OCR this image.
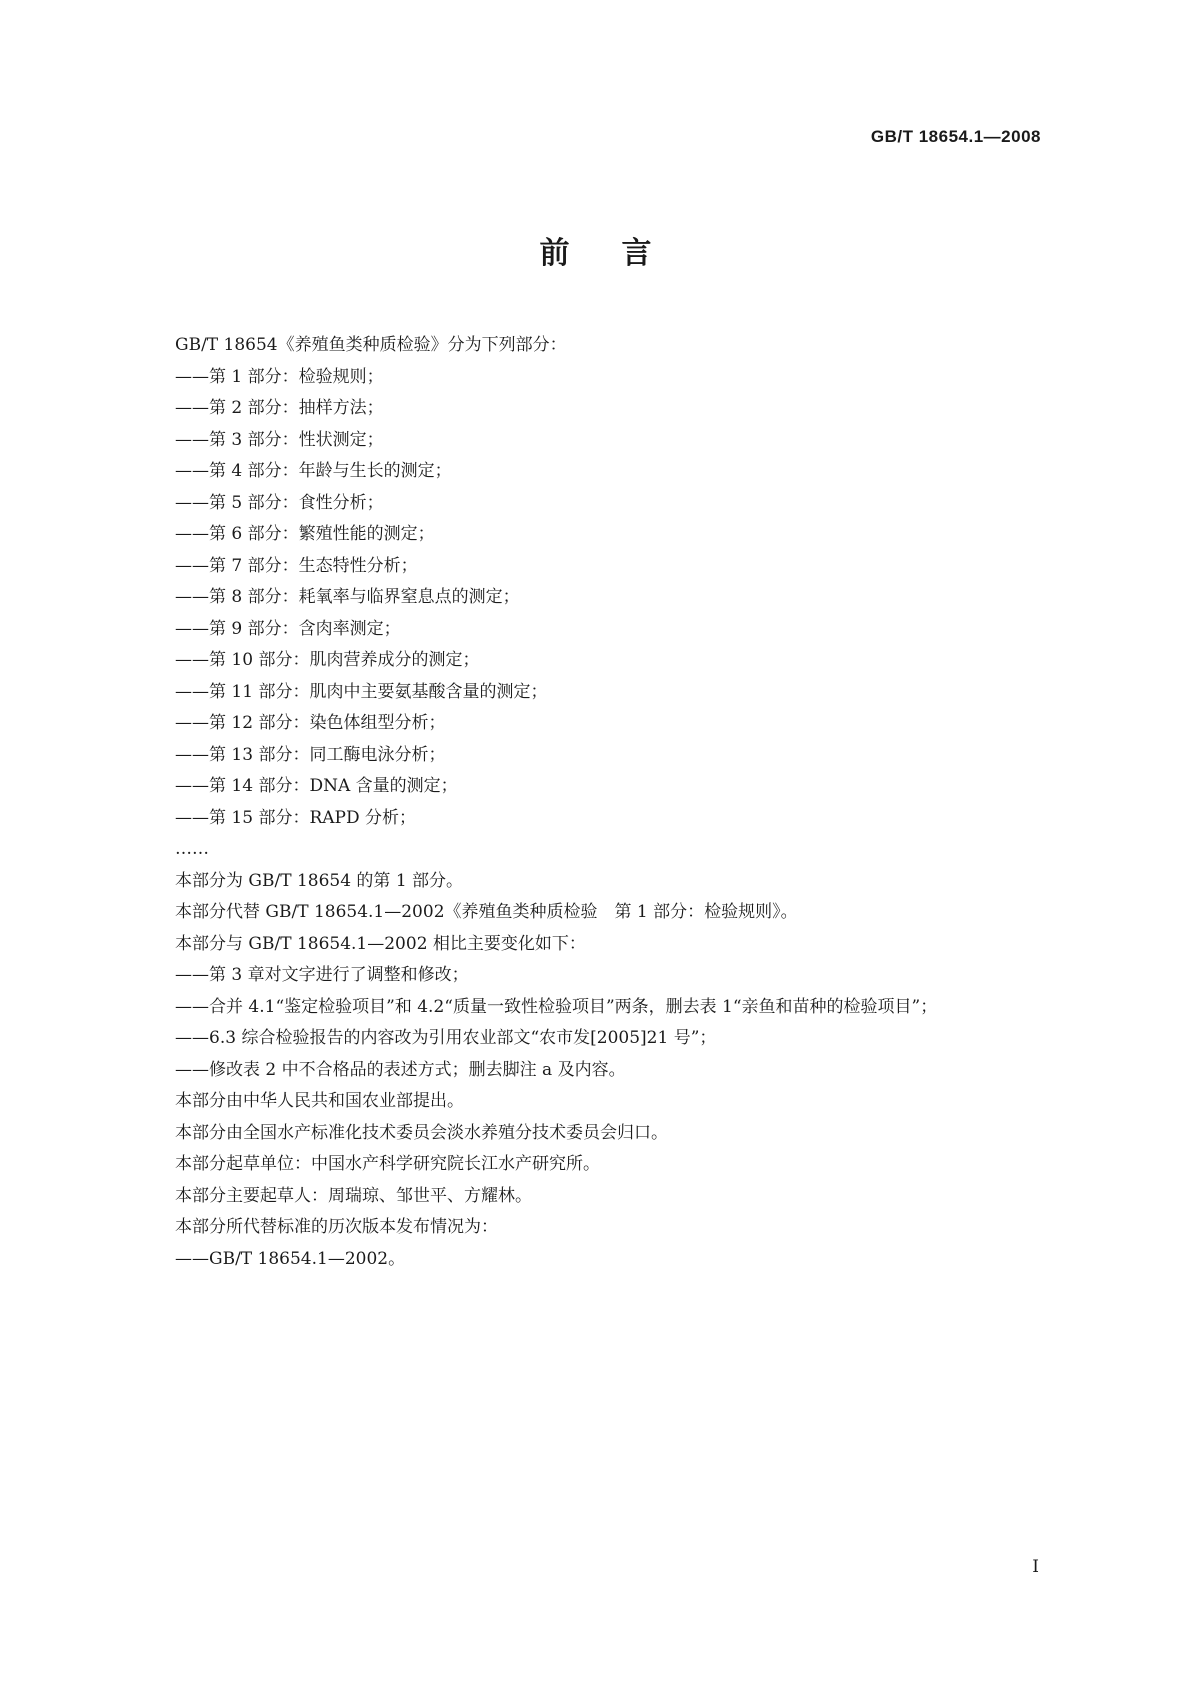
GB/T 18654.1—2008
前言
GB/T 18654《养殖鱼类种质检验》分为下列部分：
——第 1 部分：检验规则；
——第 2 部分：抽样方法；
——第 3 部分：性状测定；
——第 4 部分：年龄与生长的测定；
——第 5 部分：食性分析；
——第 6 部分：繁殖性能的测定；
——第 7 部分：生态特性分析；
——第 8 部分：耗氧率与临界窒息点的测定；
——第 9 部分：含肉率测定；
——第 10 部分：肌肉营养成分的测定；
——第 11 部分：肌肉中主要氨基酸含量的测定；
——第 12 部分：染色体组型分析；
——第 13 部分：同工酶电泳分析；
——第 14 部分：DNA 含量的测定；
——第 15 部分：RAPD 分析；
……
本部分为 GB/T 18654 的第 1 部分。
本部分代替 GB/T 18654.1—2002《养殖鱼类种质检验　第 1 部分：检验规则》。
本部分与 GB/T 18654.1—2002 相比主要变化如下：
——第 3 章对文字进行了调整和修改；
——合并 4.1“鉴定检验项目”和 4.2“质量一致性检验项目”两条，删去表 1“亲鱼和苗种的检验项目”；
——6.3 综合检验报告的内容改为引用农业部文“农市发[2005]21 号”；
——修改表 2 中不合格品的表述方式；删去脚注 a 及内容。
本部分由中华人民共和国农业部提出。
本部分由全国水产标准化技术委员会淡水养殖分技术委员会归口。
本部分起草单位：中国水产科学研究院长江水产研究所。
本部分主要起草人：周瑞琼、邹世平、方耀林。
本部分所代替标准的历次版本发布情况为：
——GB/T 18654.1—2002。
I
